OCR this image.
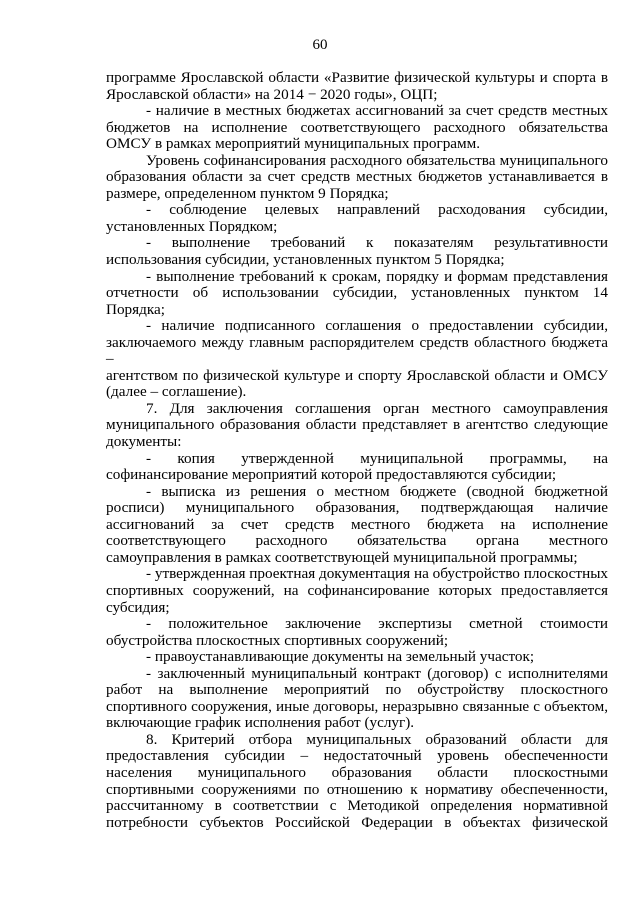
60
программе Ярославской области «Развитие физической культуры и спорта в
Ярославской области» на 2014 − 2020 годы», ОЦП;
- наличие в местных бюджетах ассигнований за счет средств местных
бюджетов на исполнение соответствующего расходного обязательства
ОМСУ в рамках мероприятий муниципальных программ.
Уровень софинансирования расходного обязательства муниципального
образования области за счет средств местных бюджетов устанавливается в
размере, определенном пунктом 9 Порядка;
- соблюдение целевых направлений расходования субсидии,
установленных Порядком;
- выполнение требований к показателям результативности
использования субсидии, установленных пунктом 5 Порядка;
- выполнение требований к срокам, порядку и формам представления
отчетности об использовании субсидии, установленных пунктом 14 Порядка;
- наличие подписанного соглашения о предоставлении субсидии,
заключаемого между главным распорядителем средств областного бюджета –
агентством по физической культуре и спорту Ярославской области и ОМСУ
(далее – соглашение).
7. Для заключения соглашения орган местного самоуправления
муниципального образования области представляет в агентство следующие
документы:
- копия утвержденной муниципальной программы, на
софинансирование мероприятий которой предоставляются субсидии;
- выписка из решения о местном бюджете (сводной бюджетной
росписи) муниципального образования, подтверждающая наличие
ассигнований за счет средств местного бюджета на исполнение
соответствующего расходного обязательства органа местного
самоуправления в рамках соответствующей муниципальной программы;
- утвержденная проектная документация на обустройство плоскостных
спортивных сооружений, на софинансирование которых предоставляется
субсидия;
- положительное заключение экспертизы сметной стоимости
обустройства плоскостных спортивных сооружений;
- правоустанавливающие документы на земельный участок;
- заключенный муниципальный контракт (договор) с исполнителями
работ на выполнение мероприятий по обустройству плоскостного
спортивного сооружения, иные договоры, неразрывно связанные с объектом,
включающие график исполнения работ (услуг).
8. Критерий отбора муниципальных образований области для
предоставления субсидии – недостаточный уровень обеспеченности
населения муниципального образования области плоскостными
спортивными сооружениями по отношению к нормативу обеспеченности,
рассчитанному в соответствии с Методикой определения нормативной
потребности субъектов Российской Федерации в объектах физической
